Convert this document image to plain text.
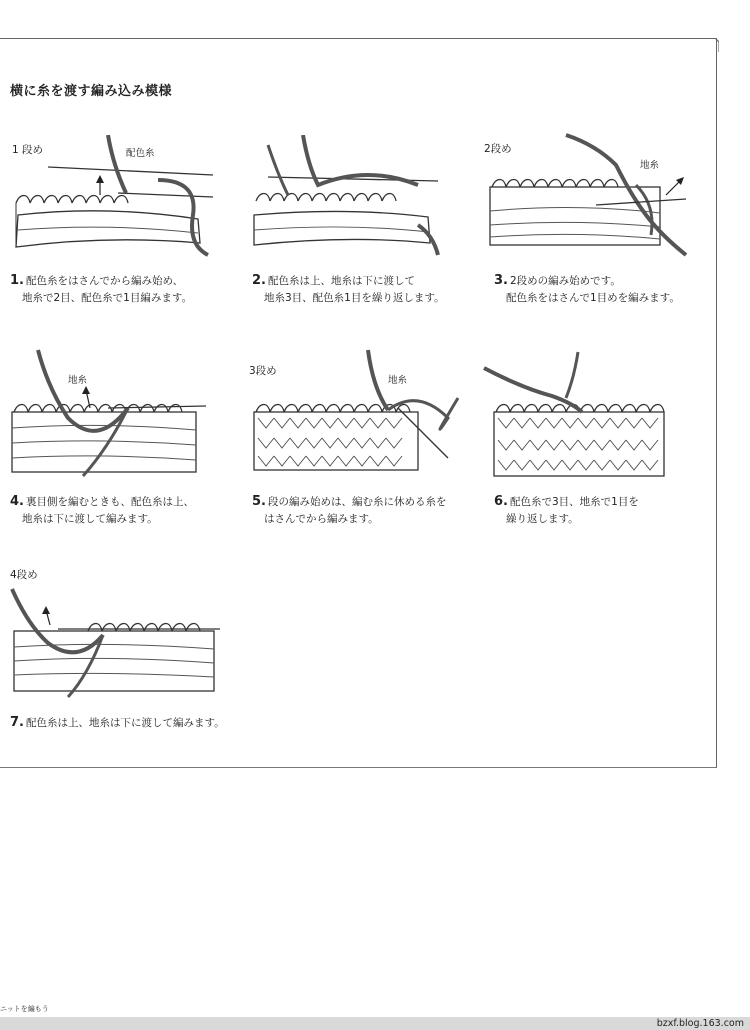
横に糸を渡す編み込み模様
1 段め	2段め
3段め
4段め
配色糸
地糸
地糸	地糸
1. 配色糸をはさんでから編み始め、
地糸で2目、配色糸で1目編みます。
2. 配色糸は上、地糸は下に渡して
地糸3目、配色糸1目を繰り返します。
3. 2段めの編み始めです。
配色糸をはさんで1目めを編みます。
4. 裏目側を編むときも、配色糸は上、
地糸は下に渡して編みます。
5. 段の編み始めは、編む糸に休める糸を
はさんでから編みます。
6. 配色糸で3目、地糸で1目を
繰り返します。
7. 配色糸は上、地糸は下に渡して編みます。
ニットを編もう
bzxf.blog.163.com
